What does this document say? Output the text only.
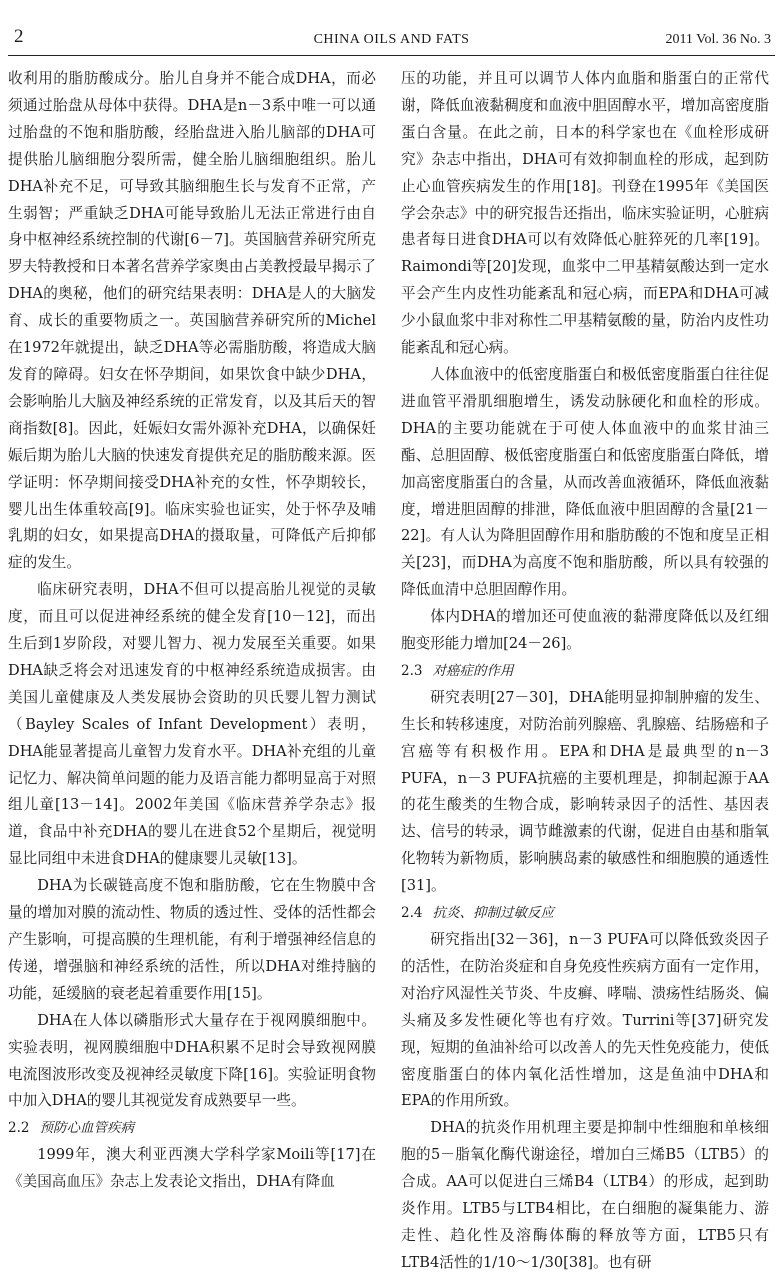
2	CHINA OILS AND FATS	2011 Vol. 36 No. 3

收利用的脂肪酸成分。胎儿自身并不能合成DHA，而必须通过胎盘从母体中获得。DHA是n－3系中唯一可以通过胎盘的不饱和脂肪酸，经胎盘进入胎儿脑部的DHA可提供胎儿脑细胞分裂所需，健全胎儿脑细胞组织。胎儿DHA补充不足，可导致其脑细胞生长与发育不正常，产生弱智；严重缺乏DHA可能导致胎儿无法正常进行由自身中枢神经系统控制的代谢[6－7]。英国脑营养研究所克罗夫特教授和日本著名营养学家奥由占美教授最早揭示了DHA的奥秘，他们的研究结果表明：DHA是人的大脑发育、成长的重要物质之一。英国脑营养研究所的Michel在1972年就提出，缺乏DHA等必需脂肪酸，将造成大脑发育的障碍。妇女在怀孕期间，如果饮食中缺少DHA，会影响胎儿大脑及神经系统的正常发育，以及其后天的智商指数[8]。因此，妊娠妇女需外源补充DHA，以确保妊娠后期为胎儿大脑的快速发育提供充足的脂肪酸来源。医学证明：怀孕期间接受DHA补充的女性，怀孕期较长，婴儿出生体重较高[9]。临床实验也证实，处于怀孕及哺乳期的妇女，如果提高DHA的摄取量，可降低产后抑郁症的发生。

临床研究表明，DHA不但可以提高胎儿视觉的灵敏度，而且可以促进神经系统的健全发育[10－12]，而出生后到1岁阶段，对婴儿智力、视力发展至关重要。如果DHA缺乏将会对迅速发育的中枢神经系统造成损害。由美国儿童健康及人类发展协会资助的贝氏婴儿智力测试（Bayley Scales of Infant Development）表明，DHA能显著提高儿童智力发育水平。DHA补充组的儿童记忆力、解决简单问题的能力及语言能力都明显高于对照组儿童[13－14]。2002年美国《临床营养学杂志》报道，食品中补充DHA的婴儿在进食52个星期后，视觉明显比同组中未进食DHA的健康婴儿灵敏[13]。

DHA为长碳链高度不饱和脂肪酸，它在生物膜中含量的增加对膜的流动性、物质的透过性、受体的活性都会产生影响，可提高膜的生理机能，有利于增强神经信息的传递，增强脑和神经系统的活性，所以DHA对维持脑的功能，延缓脑的衰老起着重要作用[15]。

DHA在人体以磷脂形式大量存在于视网膜细胞中。实验表明，视网膜细胞中DHA积累不足时会导致视网膜电流图波形改变及视神经灵敏度下降[16]。实验证明食物中加入DHA的婴儿其视觉发育成熟要早一些。

2.2 预防心血管疾病

1999年，澳大利亚西澳大学科学家Moili等[17]在《美国高血压》杂志上发表论文指出，DHA有降血

压的功能，并且可以调节人体内血脂和脂蛋白的正常代谢，降低血液黏稠度和血液中胆固醇水平，增加高密度脂蛋白含量。在此之前，日本的科学家也在《血栓形成研究》杂志中指出，DHA可有效抑制血栓的形成，起到防止心血管疾病发生的作用[18]。刊登在1995年《美国医学会杂志》中的研究报告还指出，临床实验证明，心脏病患者每日进食DHA可以有效降低心脏猝死的几率[19]。Raimondi等[20]发现，血浆中二甲基精氨酸达到一定水平会产生内皮性功能紊乱和冠心病，而EPA和DHA可减少小鼠血浆中非对称性二甲基精氨酸的量，防治内皮性功能紊乱和冠心病。

人体血液中的低密度脂蛋白和极低密度脂蛋白往往促进血管平滑肌细胞增生，诱发动脉硬化和血栓的形成。DHA的主要功能就在于可使人体血液中的血浆甘油三酯、总胆固醇、极低密度脂蛋白和低密度脂蛋白降低，增加高密度脂蛋白的含量，从而改善血液循环，降低血液黏度，增进胆固醇的排泄，降低血液中胆固醇的含量[21－22]。有人认为降胆固醇作用和脂肪酸的不饱和度呈正相关[23]，而DHA为高度不饱和脂肪酸，所以具有较强的降低血清中总胆固醇作用。

体内DHA的增加还可使血液的黏滞度降低以及红细胞变形能力增加[24－26]。

2.3 对癌症的作用

研究表明[27－30]，DHA能明显抑制肿瘤的发生、生长和转移速度，对防治前列腺癌、乳腺癌、结肠癌和子宫癌等有积极作用。EPA和DHA是最典型的n－3 PUFA，n－3 PUFA抗癌的主要机理是，抑制起源于AA的花生酸类的生物合成，影响转录因子的活性、基因表达、信号的转录，调节雌激素的代谢，促进自由基和脂氧化物转为新物质，影响胰岛素的敏感性和细胞膜的通透性[31]。

2.4 抗炎、抑制过敏反应

研究指出[32－36]，n－3 PUFA可以降低致炎因子的活性，在防治炎症和自身免疫性疾病方面有一定作用，对治疗风湿性关节炎、牛皮癣、哮喘、溃疡性结肠炎、偏头痛及多发性硬化等也有疗效。Turrini等[37]研究发现，短期的鱼油补给可以改善人的先天性免疫能力，使低密度脂蛋白的体内氧化活性增加，这是鱼油中DHA和EPA的作用所致。

DHA的抗炎作用机理主要是抑制中性细胞和单核细胞的5－脂氧化酶代谢途径，增加白三烯B5（LTB5）的合成。AA可以促进白三烯B4（LTB4）的形成，起到助炎作用。LTB5与LTB4相比，在白细胞的凝集能力、游走性、趋化性及溶酶体酶的释放等方面，LTB5只有LTB4活性的1/10～1/30[38]。也有研
